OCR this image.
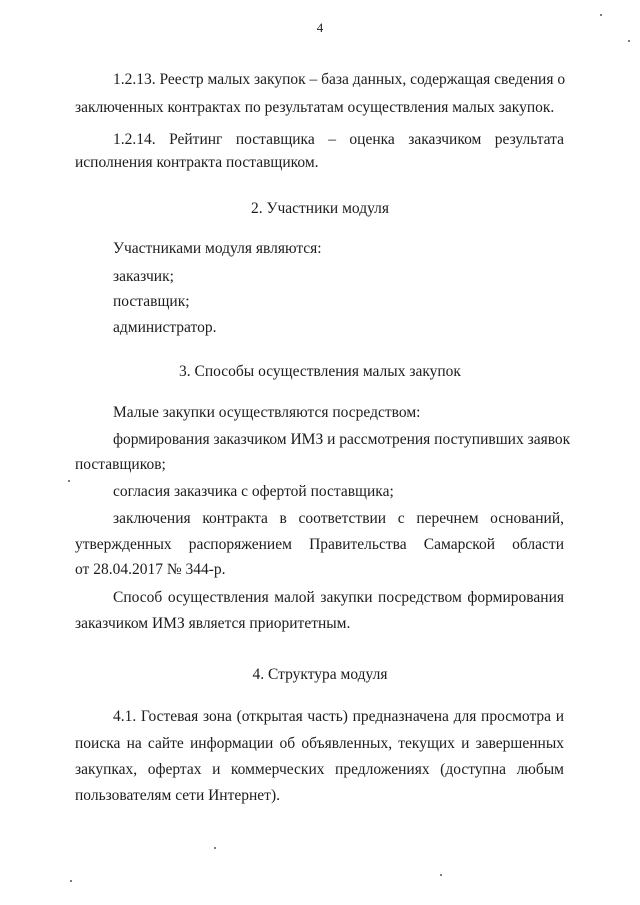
4
1.2.13. Реестр малых закупок – база данных, содержащая сведения о
заключенных контрактах по результатам осуществления малых закупок.
1.2.14. Рейтинг поставщика – оценка заказчиком результата
исполнения контракта поставщиком.
2. Участники модуля
Участниками модуля являются:
заказчик;
поставщик;
администратор.
3. Способы осуществления малых закупок
Малые закупки осуществляются посредством:
формирования заказчиком ИМЗ и рассмотрения поступивших заявок
поставщиков;
согласия заказчика с офертой поставщика;
заключения контракта в соответствии с перечнем оснований,
утвержденных распоряжением Правительства Самарской области
от 28.04.2017 № 344-р.
Способ осуществления малой закупки посредством формирования
заказчиком ИМЗ является приоритетным.
4. Структура модуля
4.1. Гостевая зона (открытая часть) предназначена для просмотра и
поиска на сайте информации об объявленных, текущих и завершенных
закупках, офертах и коммерческих предложениях (доступна любым
пользователям сети Интернет).
